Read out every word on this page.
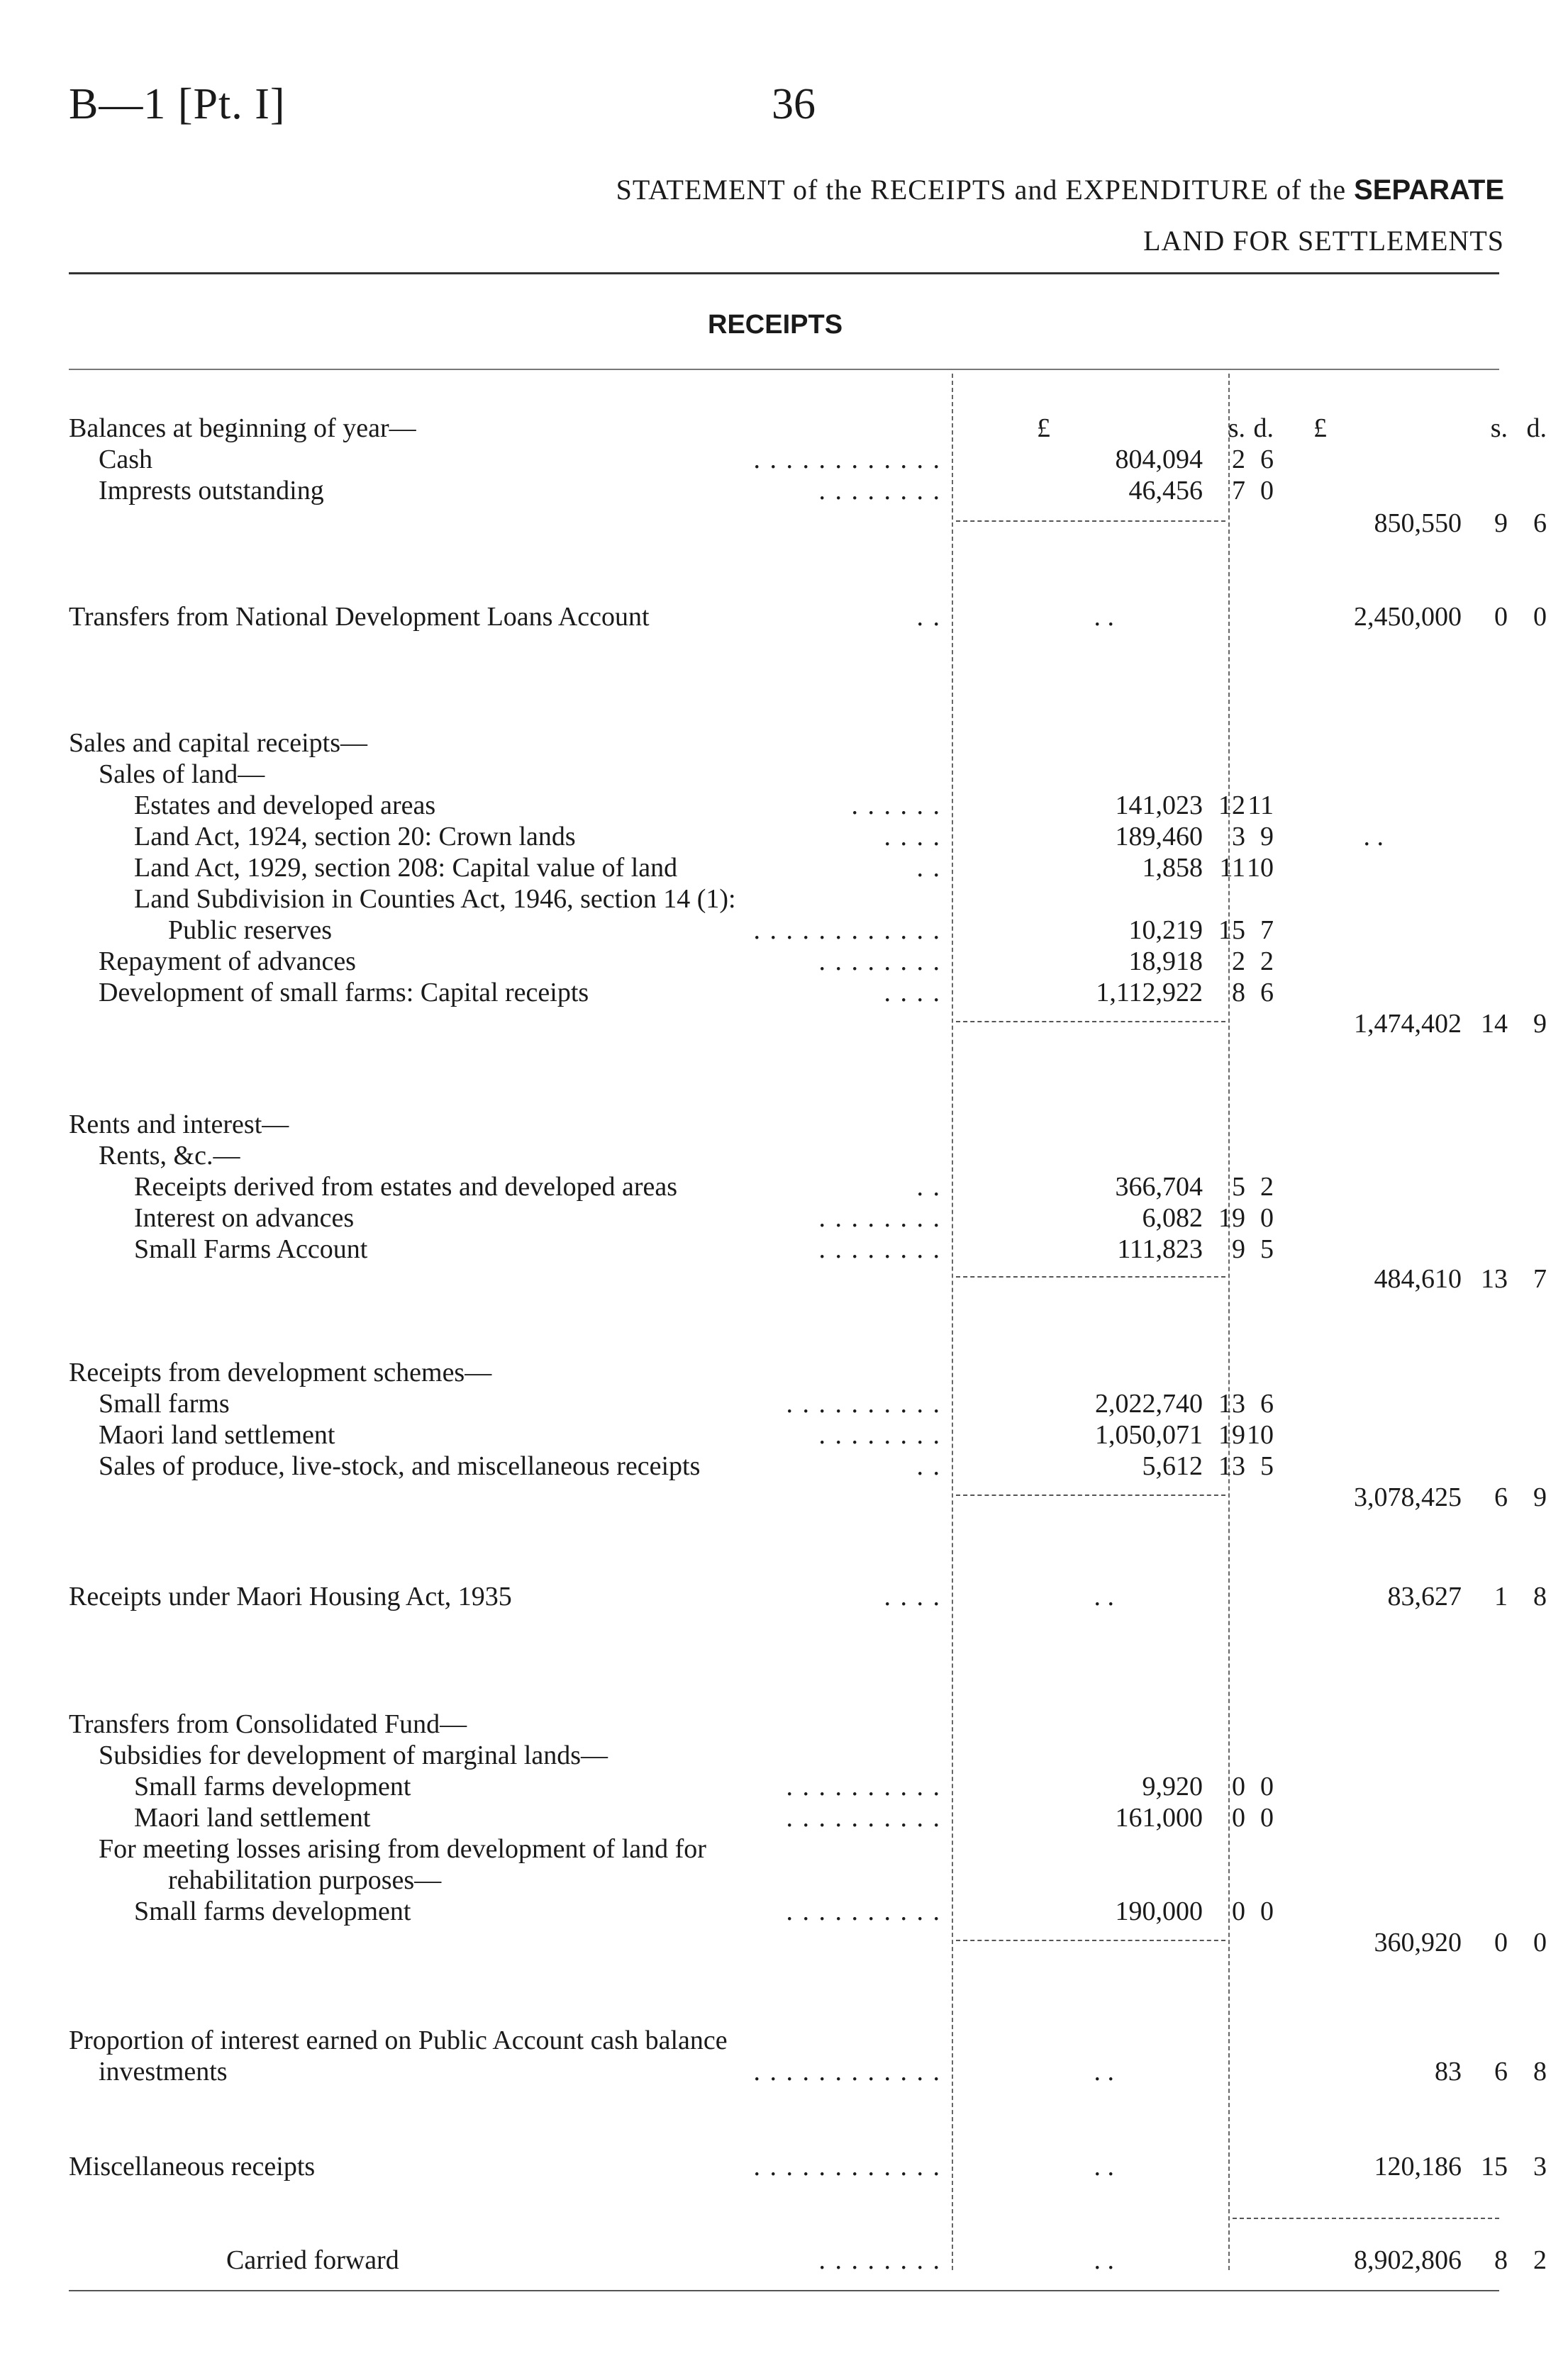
B—1 [Pt. I]	36
STATEMENT of the RECEIPTS and EXPENDITURE of the SEPARATE
LAND FOR SETTLEMENTS
RECEIPTS
£	s. d. £	s. d.
Balances at beginning of year—
Cash	. . . . . . . . . . . .	804,094	2 6
Imprests outstanding	. . . . . . . .	46,456	7 0
850,550	9 6
Transfers from National Development Loans Account	. .	. .	2,450,000	0 0
Sales and capital receipts—
Sales of land—
Estates and developed areas	. . . . . .	141,023 12 11
Land Act, 1924, section 20: Crown lands	. . . .	189,460	3 9	. .
Land Act, 1929, section 208: Capital value of land	. .	1,858 11 10
Land Subdivision in Counties Act, 1946, section 14 (1):
Public reserves	. . . . . . . . . . . .	10,219 15 7
Repayment of advances	. . . . . . . .	18,918	2 2
Development of small farms: Capital receipts	. . . .	1,112,922	8 6
1,474,402 14 9
Rents and interest—
Rents, &c.—
Receipts derived from estates and developed areas	. .	366,704	5 2
Interest on advances	. . . . . . . .	6,082 19 0
Small Farms Account	. . . . . . . .	111,823	9 5
484,610 13 7
Receipts from development schemes—
Small farms	. . . . . . . . . .	2,022,740 13 6
Maori land settlement	. . . . . . . .	1,050,071 19 10
Sales of produce, live-stock, and miscellaneous receipts	. .	5,612 13 5
3,078,425	6 9
Receipts under Maori Housing Act, 1935	. . . .	. .	83,627	1 8
Transfers from Consolidated Fund—
Subsidies for development of marginal lands—
Small farms development	. . . . . . . . . .	9,920	0 0
Maori land settlement	. . . . . . . . . .	161,000	0 0
For meeting losses arising from development of land for
rehabilitation purposes—
Small farms development	. . . . . . . . . .	190,000	0 0
360,920	0 0
Proportion of interest earned on Public Account cash balance
investments	. . . . . . . . . . . .	. .	83	6 8
Miscellaneous receipts	. . . . . . . . . . . .	. .	120,186 15 3
Carried forward	. . . . . . . .	. .	8,902,806	8 2
